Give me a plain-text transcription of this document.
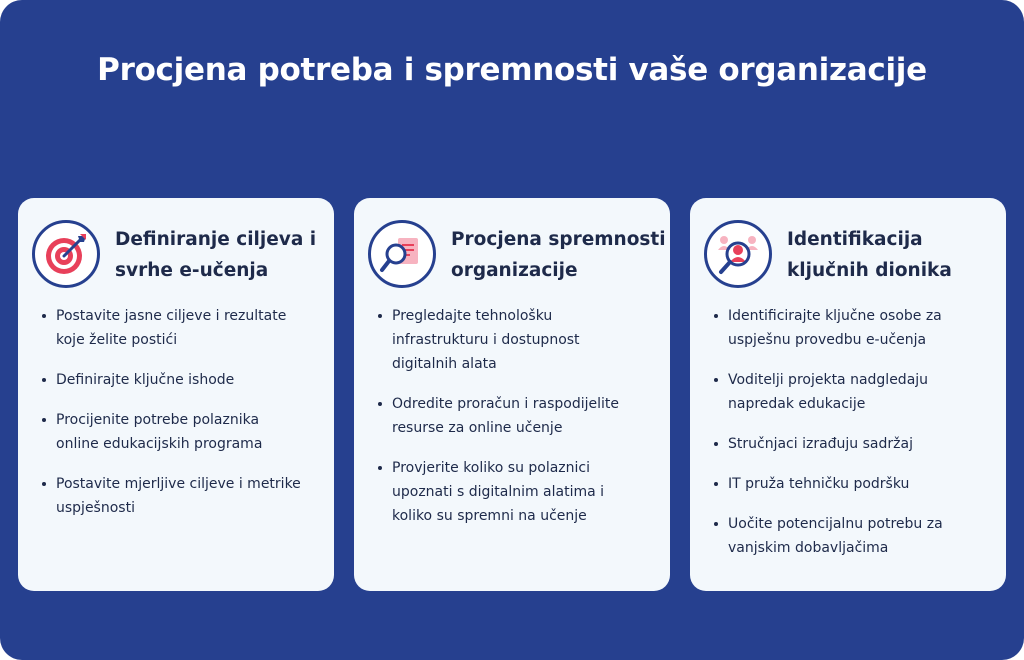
Procjena potreba i spremnosti vaše organizacije
Definiranje ciljeva i
svrhe e-učenja
Postavite jasne ciljeve i rezultate
koje želite postići
Definirajte ključne ishode
Procijenite potrebe polaznika
online edukacijskih programa
Postavite mjerljive ciljeve i metrike
uspješnosti
Procjena spremnosti
organizacije
Pregledajte tehnološku
infrastrukturu i dostupnost
digitalnih alata
Odredite proračun i raspodijelite
resurse za online učenje
Provjerite koliko su polaznici
upoznati s digitalnim alatima i
koliko su spremni na učenje
Identifikacija
ključnih dionika
Identificirajte ključne osobe za
uspješnu provedbu e-učenja
Voditelji projekta nadgledaju
napredak edukacije
Stručnjaci izrađuju sadržaj
IT pruža tehničku podršku
Uočite potencijalnu potrebu za
vanjskim dobavljačima
